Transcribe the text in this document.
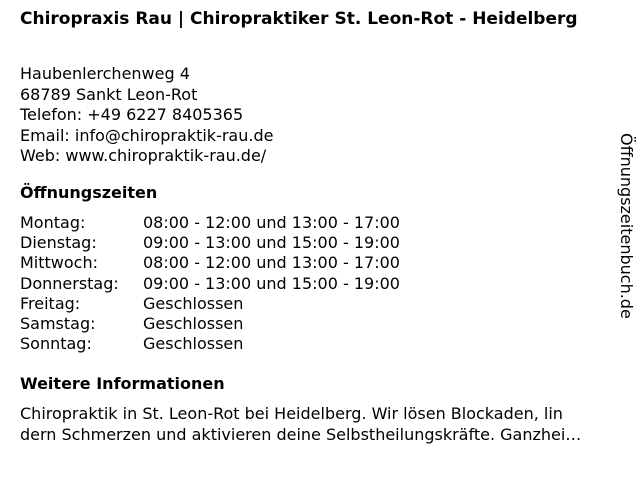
Chiropraxis Rau | Chiropraktiker St. Leon-Rot - Heidelberg
Haubenlerchenweg 4
68789 Sankt Leon-Rot
Telefon: +49 6227 8405365
Email: info@chiropraktik-rau.de
Web: www.chiropraktik-rau.de/
Öffnungszeiten
Montag:	08:00 - 12:00 und 13:00 - 17:00
Dienstag:	09:00 - 13:00 und 15:00 - 19:00
Mittwoch:	08:00 - 12:00 und 13:00 - 17:00
Donnerstag:	09:00 - 13:00 und 15:00 - 19:00
Freitag:	Geschlossen
Samstag:	Geschlossen
Sonntag:	Geschlossen
Weitere Informationen
Chiropraktik in St. Leon-Rot bei Heidelberg. Wir lösen Blockaden, lin
dern Schmerzen und aktivieren deine Selbstheilungskräfte. Ganzhei…
Öffnungszeitenbuch.de
